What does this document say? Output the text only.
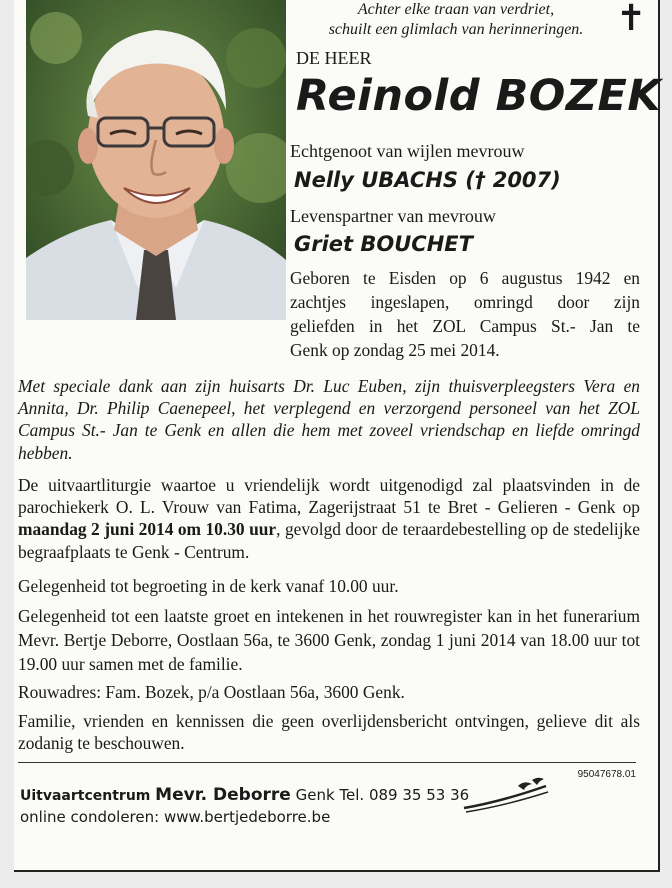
Achter elke traan van verdriet,
schuilt een glimlach van herinneringen. ✝
DE HEER
Reinold BOZEK
Echtgenoot van wijlen mevrouw
Nelly UBACHS († 2007)
Levenspartner van mevrouw
Griet BOUCHET
Geboren te Eisden op 6 augustus 1942 en
zachtjes ingeslapen, omringd door zijn
geliefden in het ZOL Campus St.- Jan te
Genk op zondag 25 mei 2014.
Met speciale dank aan zijn huisarts Dr. Luc Euben, zijn thuisverpleegsters Vera en Annita, Dr. Philip Caenepeel, het verplegend en verzorgend personeel van het ZOL Campus St.- Jan te Genk en allen die hem met zoveel vriendschap en liefde omringd hebben.
De uitvaartliturgie waartoe u vriendelijk wordt uitgenodigd zal plaatsvinden in de parochiekerk O. L. Vrouw van Fatima, Zagerijstraat 51 te Bret - Gelieren - Genk op maandag 2 juni 2014 om 10.30 uur, gevolgd door de teraardebestelling op de stedelijke begraafplaats te Genk - Centrum.
Gelegenheid tot begroeting in de kerk vanaf 10.00 uur.
Gelegenheid tot een laatste groet en intekenen in het rouwregister kan in het funerarium Mevr. Bertje Deborre, Oostlaan 56a, te 3600 Genk, zondag 1 juni 2014 van 18.00 uur tot 19.00 uur samen met de familie.
Rouwadres: Fam. Bozek, p/a Oostlaan 56a, 3600 Genk.
Familie, vrienden en kennissen die geen overlijdensbericht ontvingen, gelieve dit als zodanig te beschouwen.
95047678.01
Uitvaartcentrum Mevr. Deborre Genk Tel. 089 35 53 36
online condoleren: www.bertjedeborre.be
